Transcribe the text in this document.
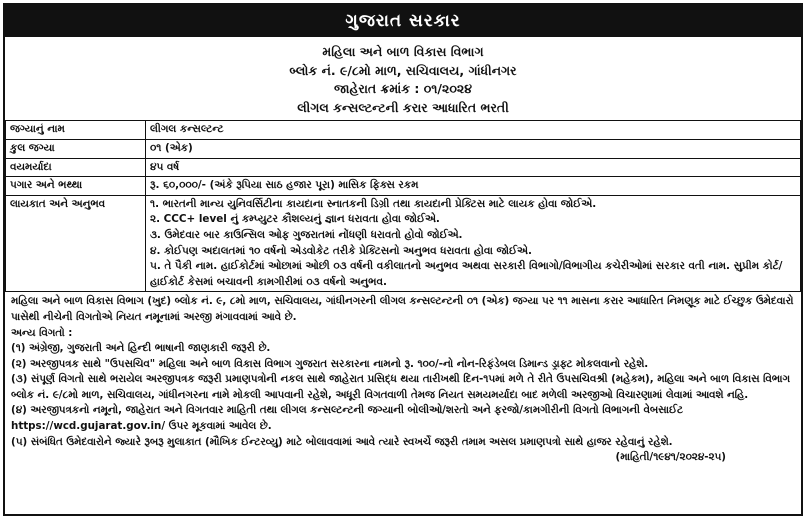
ગુજરાત સરકાર
મહિલા અને બાળ વિકાસ વિભાગ
બ્લોક નં. ૯/૮મો માળ, સચિવાલય, ગાંધીનગર
જાહેરાત ક્રમાંક : ૦૧/૨૦૨૪
લીગલ કન્સલ્ટન્ટની કરાર આધારિત ભરતી
જગ્યાનું નામ	લીગલ કન્સલ્ટન્ટ
કુલ જગ્યા	૦૧ (એક)
વયમર્યાદા	૪૫ વર્ષ
પગાર અને ભથ્થા	રૂ. ૬૦,૦૦૦/- (અંકે રૂપિયા સાઠ હજાર પૂરા) માસિક ફિક્સ રકમ
લાયકાત અને અનુભવ	૧. ભારતની માન્ય યુનિવર્સિટીના કાયદાના સ્નાતકની ડિગ્રી તથા કાયદાની પ્રેક્ટિસ માટે લાયક હોવા જોઈએ.
૨. CCC+ level નું કમ્પ્યુટર કૌશલ્યનું જ્ઞાન ધરાવતા હોવા જોઈએ.
૩. ઉમેદવાર બાર કાઉન્સિલ ઓફ ગુજરાતમાં નોંધણી ધરાવતો હોવો જોઈએ.
૪. કોઈપણ અદાલતમાં ૧૦ વર્ષનો એડવોકેટ તરીકે પ્રેક્ટિસનો અનુભવ ધરાવતા હોવા જોઈએ.
૫. તે પૈકી નામ. હાઈકોર્ટમાં ઓછામાં ઓછી ૦૩ વર્ષની વકીલાતનો અનુભવ અથવા સરકારી વિભાગો/વિભાગીય કચેરીઓમાં સરકાર વતી નામ. સુપ્રીમ કોર્ટ/હાઈકોર્ટ કેસમાં બચાવની કામગીરીમાં ૦૩ વર્ષનો અનુભવ.
મહિલા અને બાળ વિકાસ વિભાગ (ખુદ) બ્લોક નં. ૯, ૮મો માળ, સચિવાલય, ગાંધીનગરની લીગલ કન્સલ્ટન્ટની ૦૧ (એક) જગ્યા પર ૧૧ માસના કરાર આધારિત નિમણૂક માટે ઈચ્છુક ઉમેદવારો પાસેથી નીચેની વિગતોએ નિયત નમૂનામાં અરજી મંગાવવામાં આવે છે.
અન્ય વિગતો :
(૧) અંગ્રેજી, ગુજરાતી અને હિન્દી ભાષાની જાણકારી જરૂરી છે.
(૨) અરજીપત્રક સાથે "ઉપસચિવ" મહિલા અને બાળ વિકાસ વિભાગ ગુજરાત સરકારના નામનો રૂ. ૧૦૦/-નો નોન-રિફંડેબલ ડિમાન્ડ ડ્રાફ્ટ મોકલવાનો રહેશે.
(૩) સંપૂર્ણ વિગતો સાથે ભરાયેલ અરજીપત્રક જરૂરી પ્રમાણપત્રોની નકલ સાથે જાહેરાત પ્રસિદ્ધ થયા તારીખથી દિન-૧૫માં મળે તે રીતે ઉપસચિવશ્રી (મહેકમ), મહિલા અને બાળ વિકાસ વિભાગ બ્લોક નં. ૯/૮મો માળ, સચિવાલય, ગાંધીનગરના નામે મોકલી આપવાની રહેશે, અધૂરી વિગતવાળી તેમજ નિયત સમયમર્યાદા બાદ મળેલી અરજીઓ વિચારણામાં લેવામાં આવશે નહિ.
(૪) અરજીપત્રકનો નમૂનો, જાહેરાત અને વિગતવાર માહિતી તથા લીગલ કન્સલ્ટન્ટની જગ્યાની બોલીઓ/શરતો અને ફરજો/કામગીરીની વિગતો વિભાગની વેબસાઈટ https://wcd.gujarat.gov.in/ ઉપર મૂકવામાં આવેલ છે.
(૫) સંબંધિત ઉમેદવારોને જ્યારે રૂબરૂ મુલાકાત (મૌખિક ઈન્ટરવ્યુ) માટે બોલાવવામાં આવે ત્યારે સ્વખર્ચે જરૂરી તમામ અસલ પ્રમાણપત્રો સાથે હાજર રહેવાનું રહેશે.
(માહિતી/૧૯૪૧/૨૦૨૪-૨૫)
